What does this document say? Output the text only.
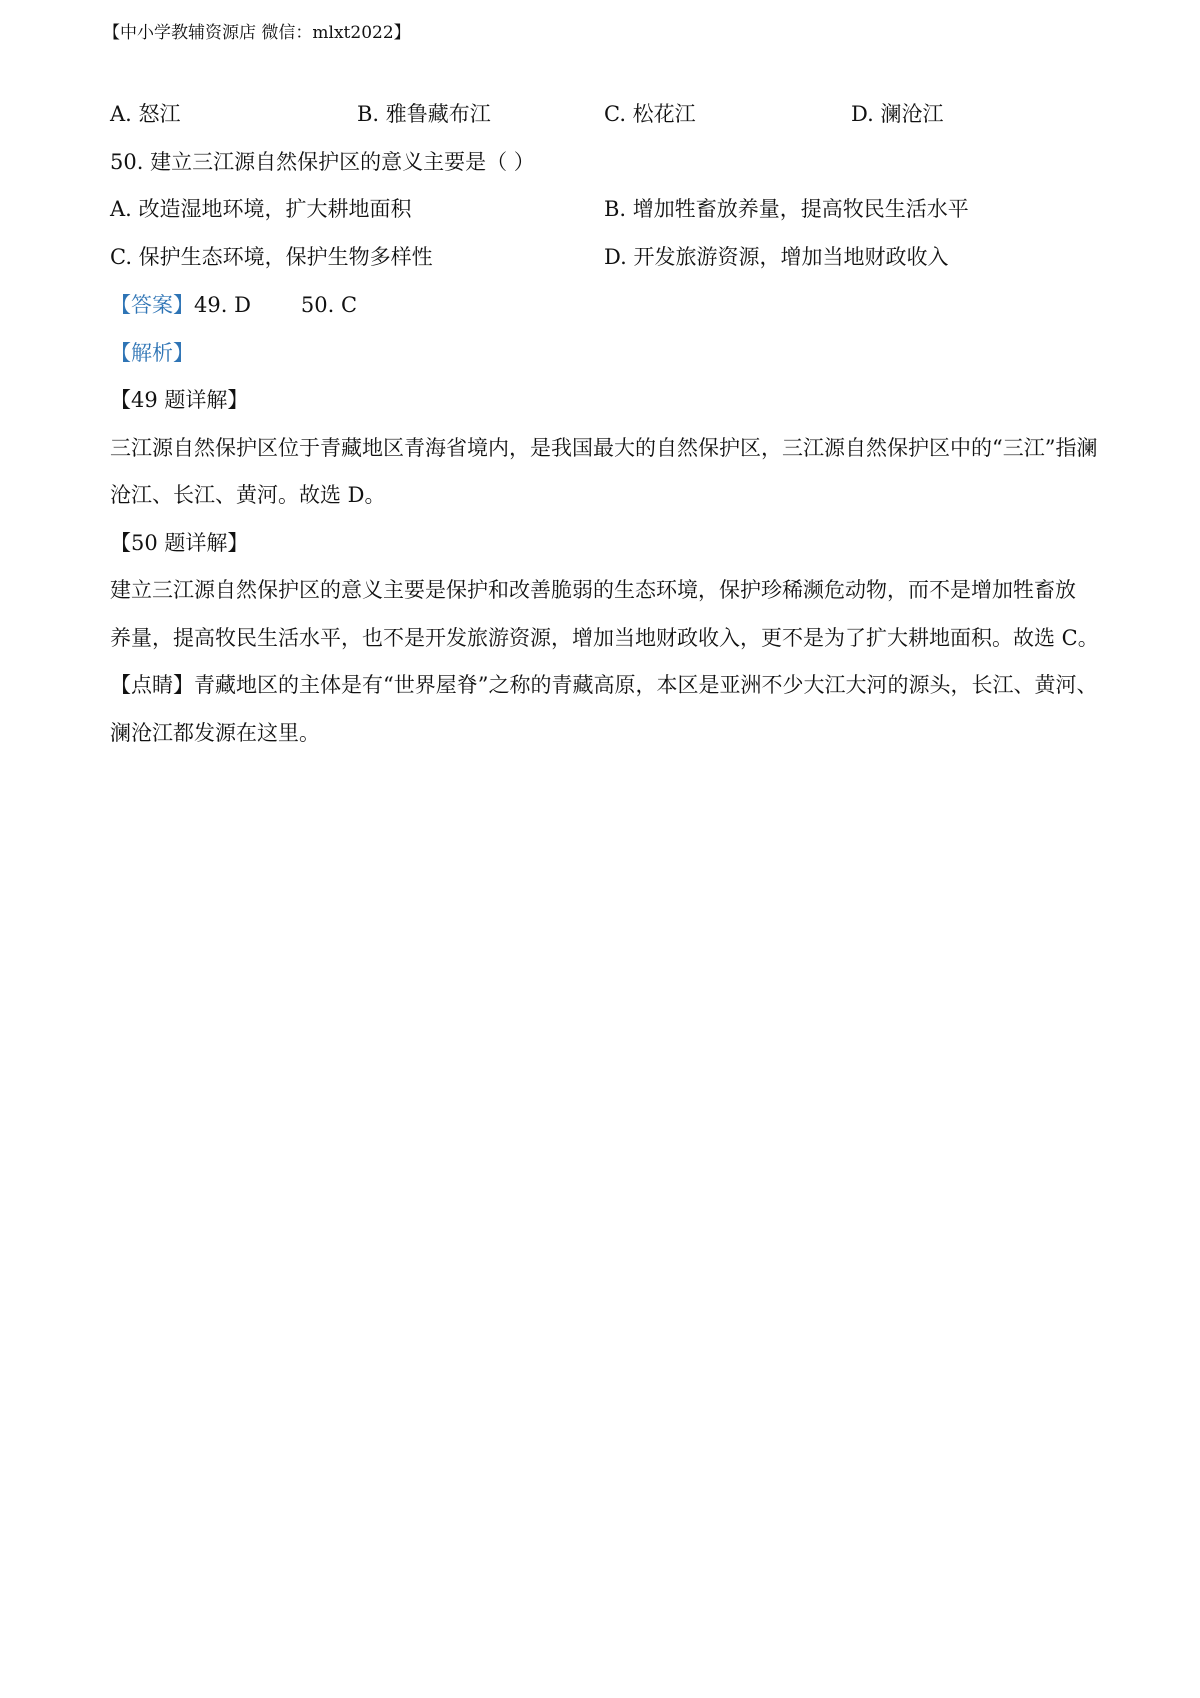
【中小学教辅资源店 微信：mlxt2022】
A. 怒江	B. 雅鲁藏布江	C. 松花江	D. 澜沧江
50. 建立三江源自然保护区的意义主要是（ ）
A. 改造湿地环境，扩大耕地面积	B. 增加牲畜放养量，提高牧民生活水平
C. 保护生态环境，保护生物多样性	D. 开发旅游资源，增加当地财政收入
【答案】49. D 50. C
【解析】
【49 题详解】
三江源自然保护区位于青藏地区青海省境内，是我国最大的自然保护区，三江源自然保护区中的“三江”指澜
沧江、长江、黄河。故选 D。
【50 题详解】
建立三江源自然保护区的意义主要是保护和改善脆弱的生态环境，保护珍稀濒危动物，而不是增加牲畜放
养量，提高牧民生活水平，也不是开发旅游资源，增加当地财政收入，更不是为了扩大耕地面积。故选 C。
【点睛】青藏地区的主体是有“世界屋脊”之称的青藏高原，本区是亚洲不少大江大河的源头，长江、黄河、
澜沧江都发源在这里。
